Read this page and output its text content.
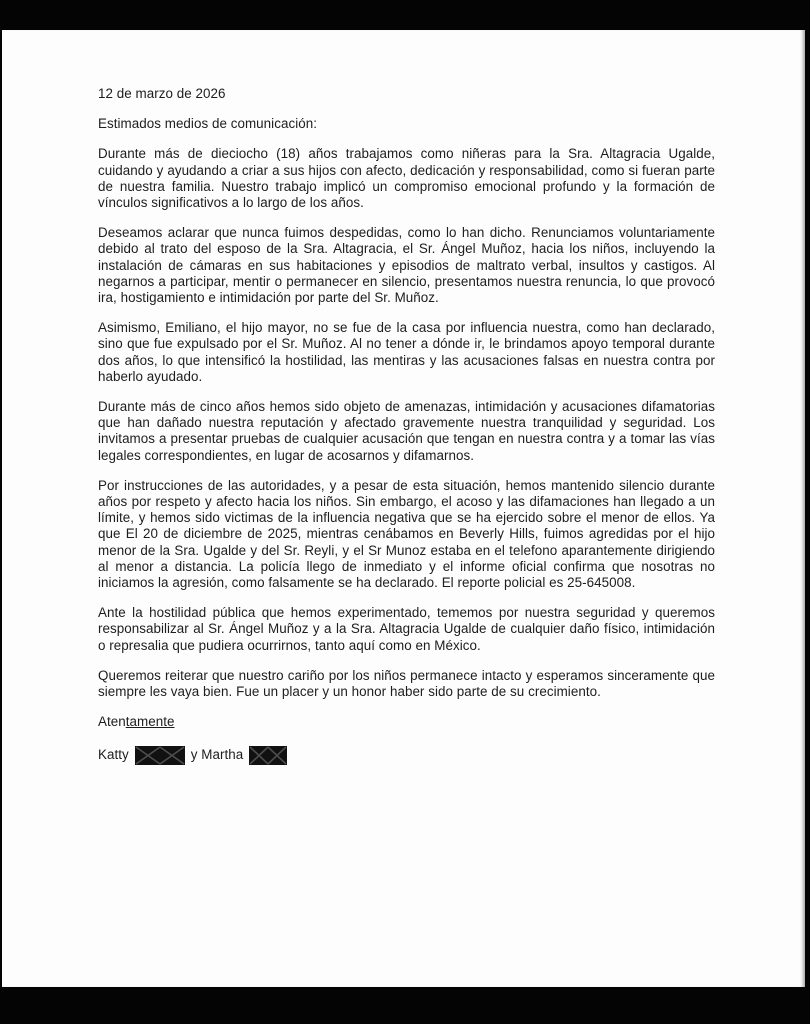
12 de marzo de 2026

Estimados medios de comunicación:

Durante más de dieciocho (18) años trabajamos como niñeras para la Sra. Altagracia Ugalde, cuidando y ayudando a criar a sus hijos con afecto, dedicación y responsabilidad, como si fueran parte de nuestra familia. Nuestro trabajo implicó un compromiso emocional profundo y la formación de vínculos significativos a lo largo de los años.

Deseamos aclarar que nunca fuimos despedidas, como lo han dicho. Renunciamos voluntariamente debido al trato del esposo de la Sra. Altagracia, el Sr. Ángel Muñoz, hacia los niños, incluyendo la instalación de cámaras en sus habitaciones y episodios de maltrato verbal, insultos y castigos. Al negarnos a participar, mentir o permanecer en silencio, presentamos nuestra renuncia, lo que provocó ira, hostigamiento e intimidación por parte del Sr. Muñoz.

Asimismo, Emiliano, el hijo mayor, no se fue de la casa por influencia nuestra, como han declarado, sino que fue expulsado por el Sr. Muñoz. Al no tener a dónde ir, le brindamos apoyo temporal durante dos años, lo que intensificó la hostilidad, las mentiras y las acusaciones falsas en nuestra contra por haberlo ayudado.

Durante más de cinco años hemos sido objeto de amenazas, intimidación y acusaciones difamatorias que han dañado nuestra reputación y afectado gravemente nuestra tranquilidad y seguridad. Los invitamos a presentar pruebas de cualquier acusación que tengan en nuestra contra y a tomar las vías legales correspondientes, en lugar de acosarnos y difamarnos.

Por instrucciones de las autoridades, y a pesar de esta situación, hemos mantenido silencio durante años por respeto y afecto hacia los niños. Sin embargo, el acoso y las difamaciones han llegado a un límite, y hemos sido victimas de la influencia negativa que se ha ejercido sobre el menor de ellos. Ya que El 20 de diciembre de 2025, mientras cenábamos en Beverly Hills, fuimos agredidas por el hijo menor de la Sra. Ugalde y del Sr. Reyli, y el Sr Munoz estaba en el telefono aparantemente dirigiendo al menor a distancia. La policía llego de inmediato y el informe oficial confirma que nosotras no iniciamos la agresión, como falsamente se ha declarado. El reporte policial es 25-645008.

Ante la hostilidad pública que hemos experimentado, tememos por nuestra seguridad y queremos responsabilizar al Sr. Ángel Muñoz y a la Sra. Altagracia Ugalde de cualquier daño físico, intimidación o represalia que pudiera ocurrirnos, tanto aquí como en México.

Queremos reiterar que nuestro cariño por los niños permanece intacto y esperamos sinceramente que siempre les vaya bien. Fue un placer y un honor haber sido parte de su crecimiento.

Atentamente

Katty	y Martha
